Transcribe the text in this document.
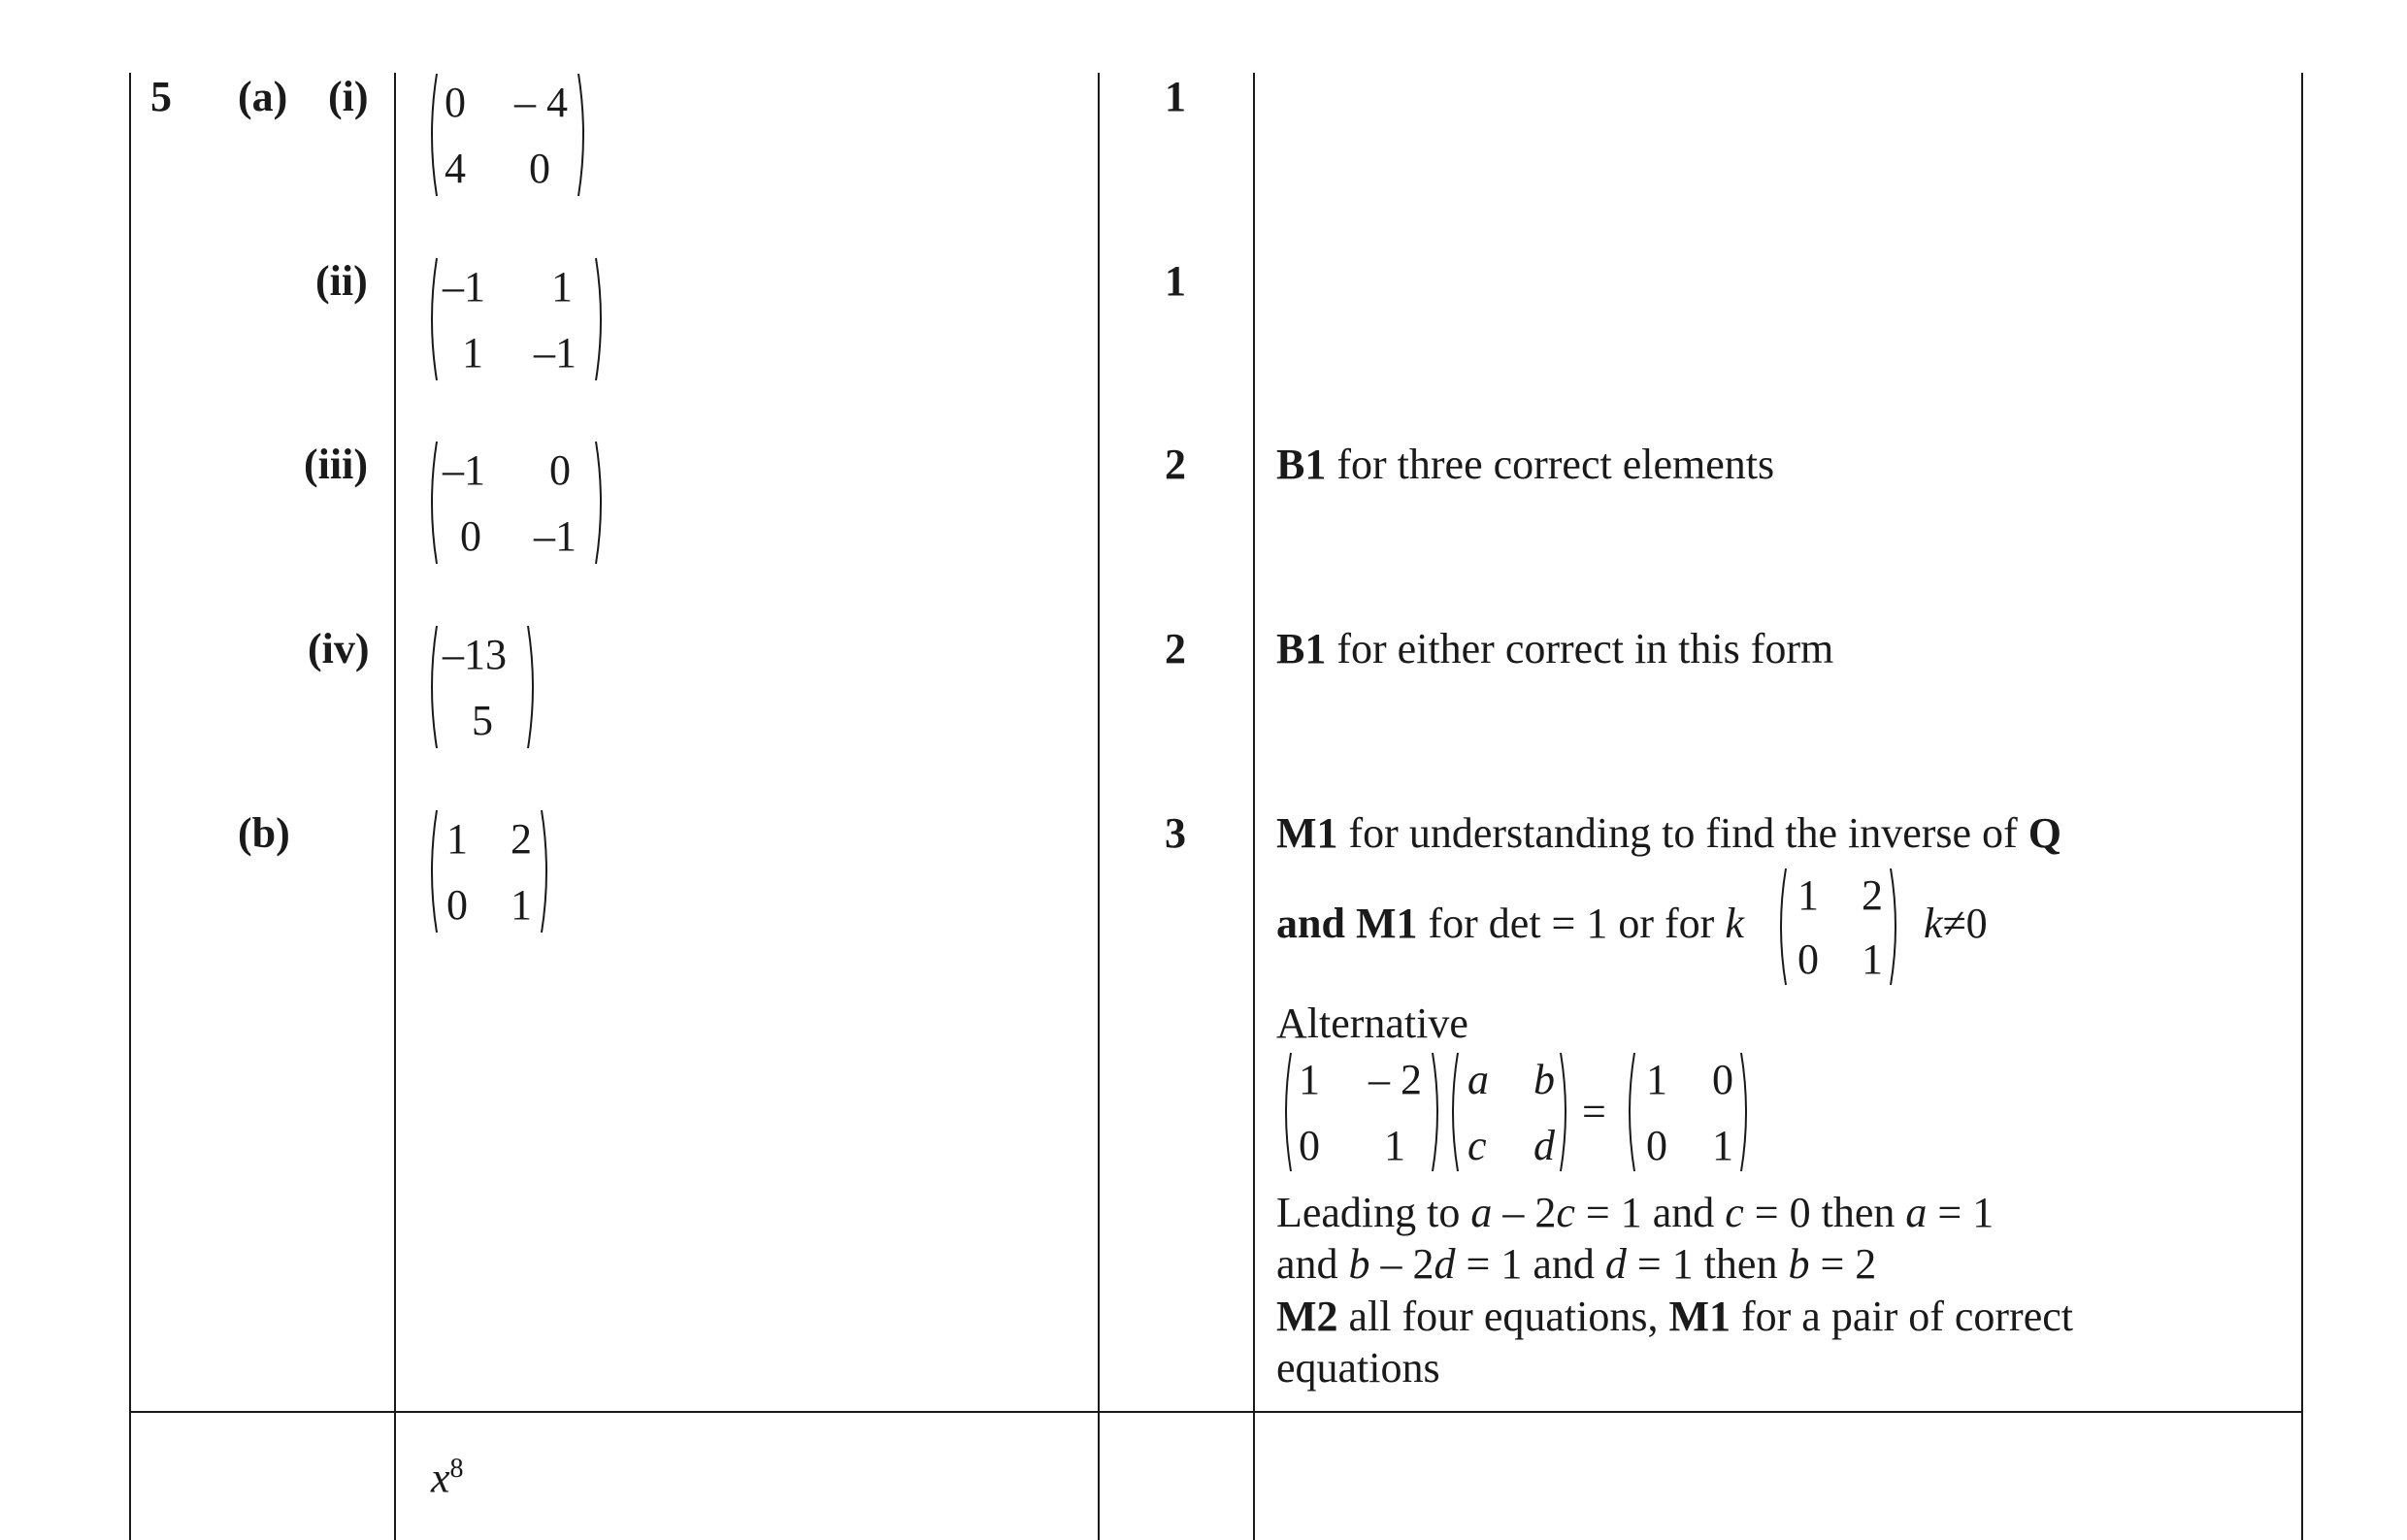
5 (a) (i)
(ii)
(iii)
(iv)
(b)
0 – 4
4 0
–1 1
1 –1
–1 0
0 –1
–13
5
1 2
0 1
1
1
2
2
3
B1 for three correct elements
B1 for either correct in this form
M1 for understanding to find the inverse of Q
and M1 for det = 1 or for k
1 2
0 1
k≠0
Alternative
1 – 2
0 1
a b
c d
=
1 0
0 1
Leading to a – 2c = 1 and c = 0 then a = 1
and b – 2d = 1 and d = 1 then b = 2
M2 all four equations, M1 for a pair of correct
equations
$x^8$
